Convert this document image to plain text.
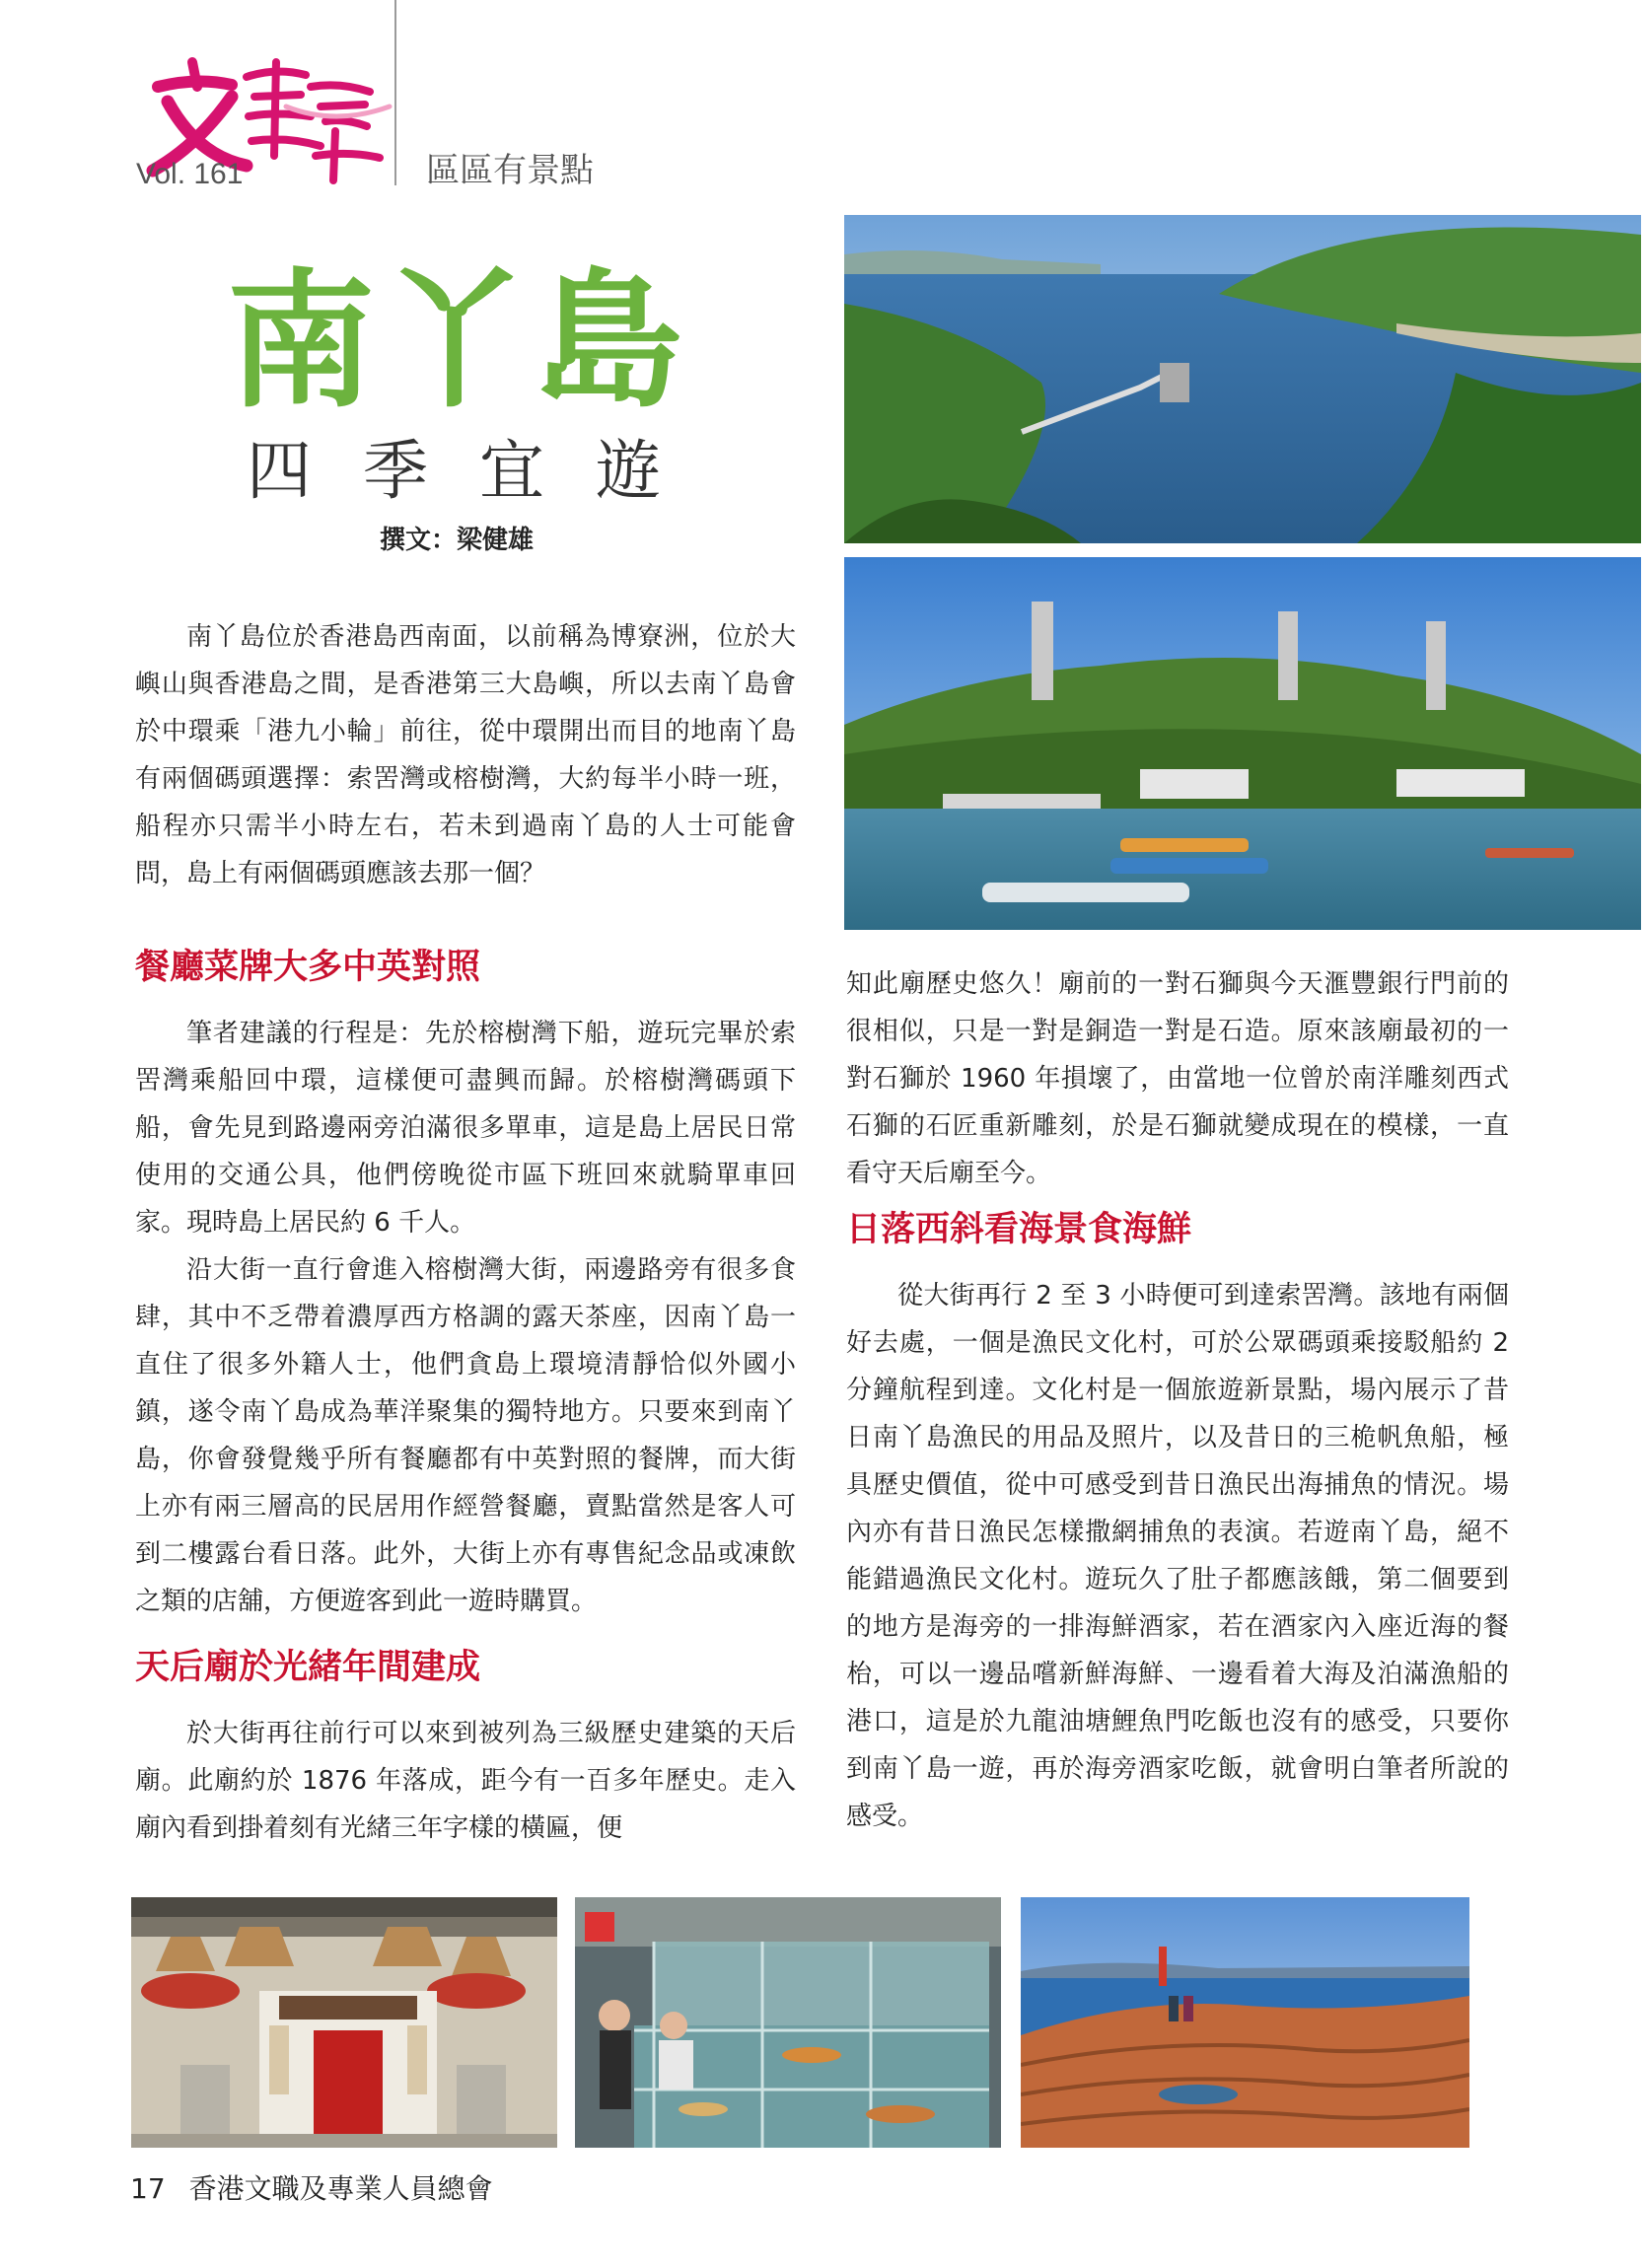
Vol. 161	區區有景點
南丫島
四季宜遊
撰文：梁健雄

南丫島位於香港島西南面，以前稱為博寮洲，位於大嶼山與香港島之間，是香港第三大島嶼，所以去南丫島會於中環乘「港九小輪」前往，從中環開出而目的地南丫島有兩個碼頭選擇：索罟灣或榕樹灣，大約每半小時一班，船程亦只需半小時左右，若未到過南丫島的人士可能會問，島上有兩個碼頭應該去那一個？

餐廳菜牌大多中英對照

筆者建議的行程是：先於榕樹灣下船，遊玩完畢於索罟灣乘船回中環，這樣便可盡興而歸。於榕樹灣碼頭下船，會先見到路邊兩旁泊滿很多單車，這是島上居民日常使用的交通公具，他們傍晚從市區下班回來就騎單車回家。現時島上居民約 6 千人。

沿大街一直行會進入榕樹灣大街，兩邊路旁有很多食肆，其中不乏帶着濃厚西方格調的露天茶座，因南丫島一直住了很多外籍人士，他們貪島上環境清靜恰似外國小鎮，遂令南丫島成為華洋聚集的獨特地方。只要來到南丫島，你會發覺幾乎所有餐廳都有中英對照的餐牌，而大街上亦有兩三層高的民居用作經營餐廳，賣點當然是客人可到二樓露台看日落。此外，大街上亦有專售紀念品或凍飲之類的店舖，方便遊客到此一遊時購買。

天后廟於光緒年間建成

於大街再往前行可以來到被列為三級歷史建築的天后廟。此廟約於 1876 年落成，距今有一百多年歷史。走入廟內看到掛着刻有光緒三年字樣的橫匾，便

知此廟歷史悠久！廟前的一對石獅與今天滙豐銀行門前的很相似，只是一對是銅造一對是石造。原來該廟最初的一對石獅於 1960 年損壞了，由當地一位曾於南洋雕刻西式石獅的石匠重新雕刻，於是石獅就變成現在的模樣，一直看守天后廟至今。

日落西斜看海景食海鮮

從大街再行 2 至 3 小時便可到達索罟灣。該地有兩個好去處，一個是漁民文化村，可於公眾碼頭乘接駁船約 2 分鐘航程到達。文化村是一個旅遊新景點，場內展示了昔日南丫島漁民的用品及照片，以及昔日的三桅帆魚船，極具歷史價值，從中可感受到昔日漁民出海捕魚的情況。場內亦有昔日漁民怎樣撒網捕魚的表演。若遊南丫島，絕不能錯過漁民文化村。遊玩久了肚子都應該餓，第二個要到的地方是海旁的一排海鮮酒家，若在酒家內入座近海的餐枱，可以一邊品嚐新鮮海鮮、一邊看着大海及泊滿漁船的港口，這是於九龍油塘鯉魚門吃飯也沒有的感受，只要你到南丫島一遊，再於海旁酒家吃飯，就會明白筆者所說的感受。

17 香港文職及專業人員總會
